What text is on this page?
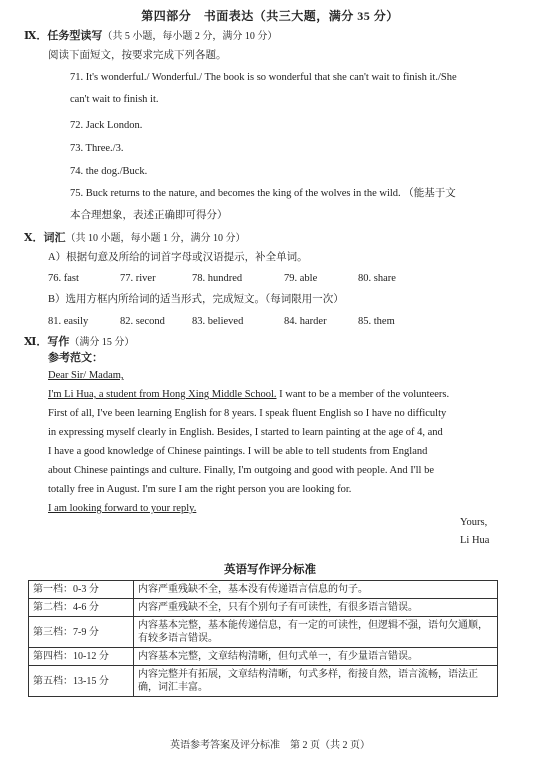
第四部分　书面表达（共三大题，满分 35 分）
Ⅸ．任务型读写（共 5 小题，每小题 2 分，满分 10 分）
阅读下面短文，按要求完成下列各题。
71. It's wonderful./ Wonderful./ The book is so wonderful that she can't wait to finish it./She
can't wait to finish it.
72. Jack London.
73. Three./3.
74. the dog./Buck.
75. Buck returns to the nature, and becomes the king of the wolves in the wild. （能基于文
本合理想象，表述正确即可得分）
Ⅹ．词汇（共 10 小题，每小题 1 分，满分 10 分）
A）根据句意及所给的词首字母或汉语提示，补全单词。
76. fast	77. river	78. hundred	79. able	80. share
B）选用方框内所给词的适当形式，完成短文。（每词限用一次）
81. easily	82. second	83. believed	84. harder	85. them
Ⅺ．写作（满分 15 分）
参考范文：
Dear Sir/ Madam,
I'm Li Hua, a student from Hong Xing Middle School. I want to be a member of the volunteers.
First of all, I've been learning English for 8 years. I speak fluent English so I have no difficulty
in expressing myself clearly in English. Besides, I started to learn painting at the age of 4, and
I have a good knowledge of Chinese paintings. I will be able to tell students from England
about Chinese paintings and culture. Finally, I'm outgoing and good with people. And I'll be
totally free in August. I'm sure I am the right person you are looking for.
I am looking forward to your reply.
Yours,
Li Hua
英语写作评分标准
第一档：0-3 分	内容严重残缺不全，基本没有传递语言信息的句子。
第二档：4-6 分	内容严重残缺不全，只有个别句子有可读性，有很多语言错误。
第三档：7-9 分	内容基本完整，基本能传递信息，有一定的可读性，但逻辑不强，语句欠通顺，有较多语言错误。
第四档：10-12 分	内容基本完整，文章结构清晰，但句式单一，有少量语言错误。
第五档：13-15 分	内容完整并有拓展，文章结构清晰，句式多样，衔接自然，语言流畅，语法正确，词汇丰富。
英语参考答案及评分标准　第 2 页（共 2 页）
